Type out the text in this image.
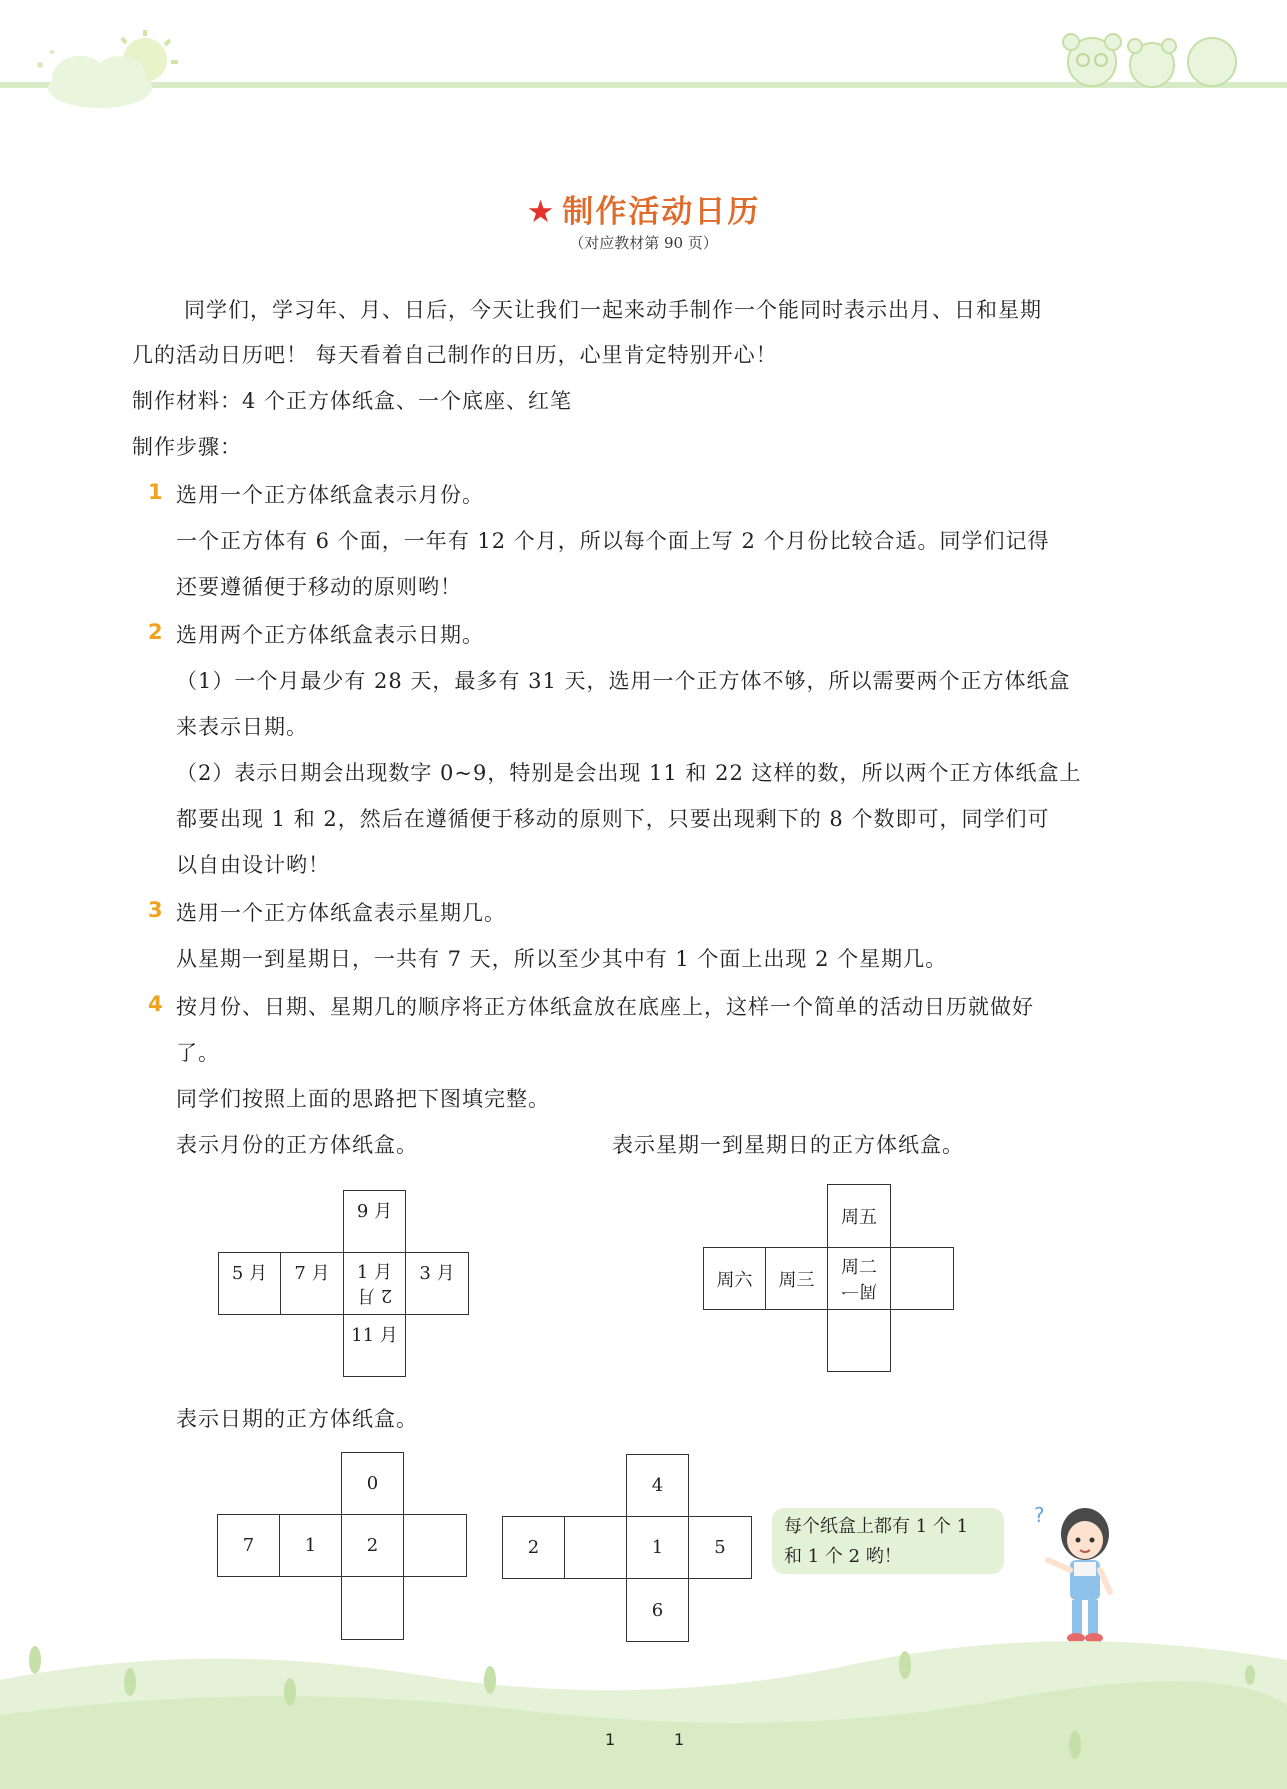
★ 制作活动日历
（对应教材第 90 页）
同学们，学习年、月、日后，今天让我们一起来动手制作一个能同时表示出月、日和星期
几的活动日历吧！ 每天看着自己制作的日历，心里肯定特别开心！
制作材料：4 个正方体纸盒、一个底座、红笔
制作步骤：
1 选用一个正方体纸盒表示月份。
一个正方体有 6 个面，一年有 12 个月，所以每个面上写 2 个月份比较合适。同学们记得
还要遵循便于移动的原则哟！
2 选用两个正方体纸盒表示日期。
（1）一个月最少有 28 天，最多有 31 天，选用一个正方体不够，所以需要两个正方体纸盒
来表示日期。
（2）表示日期会出现数字 0~9，特别是会出现 11 和 22 这样的数，所以两个正方体纸盒上
都要出现 1 和 2，然后在遵循便于移动的原则下，只要出现剩下的 8 个数即可，同学们可
以自由设计哟！
3 选用一个正方体纸盒表示星期几。
从星期一到星期日，一共有 7 天，所以至少其中有 1 个面上出现 2 个星期几。
4 按月份、日期、星期几的顺序将正方体纸盒放在底座上，这样一个简单的活动日历就做好
了。
同学们按照上面的思路把下图填完整。
表示月份的正方体纸盒。	表示星期一到星期日的正方体纸盒。
9 月
5 月	7 月	1 月
2 月
3 月
11 月
周五
周六	周三
周二
周一
表示日期的正方体纸盒。
0
7	1	2
4
2	1	5
6
每个纸盒上都有 1 个 1
和 1 个 2 哟！
?
1	1
